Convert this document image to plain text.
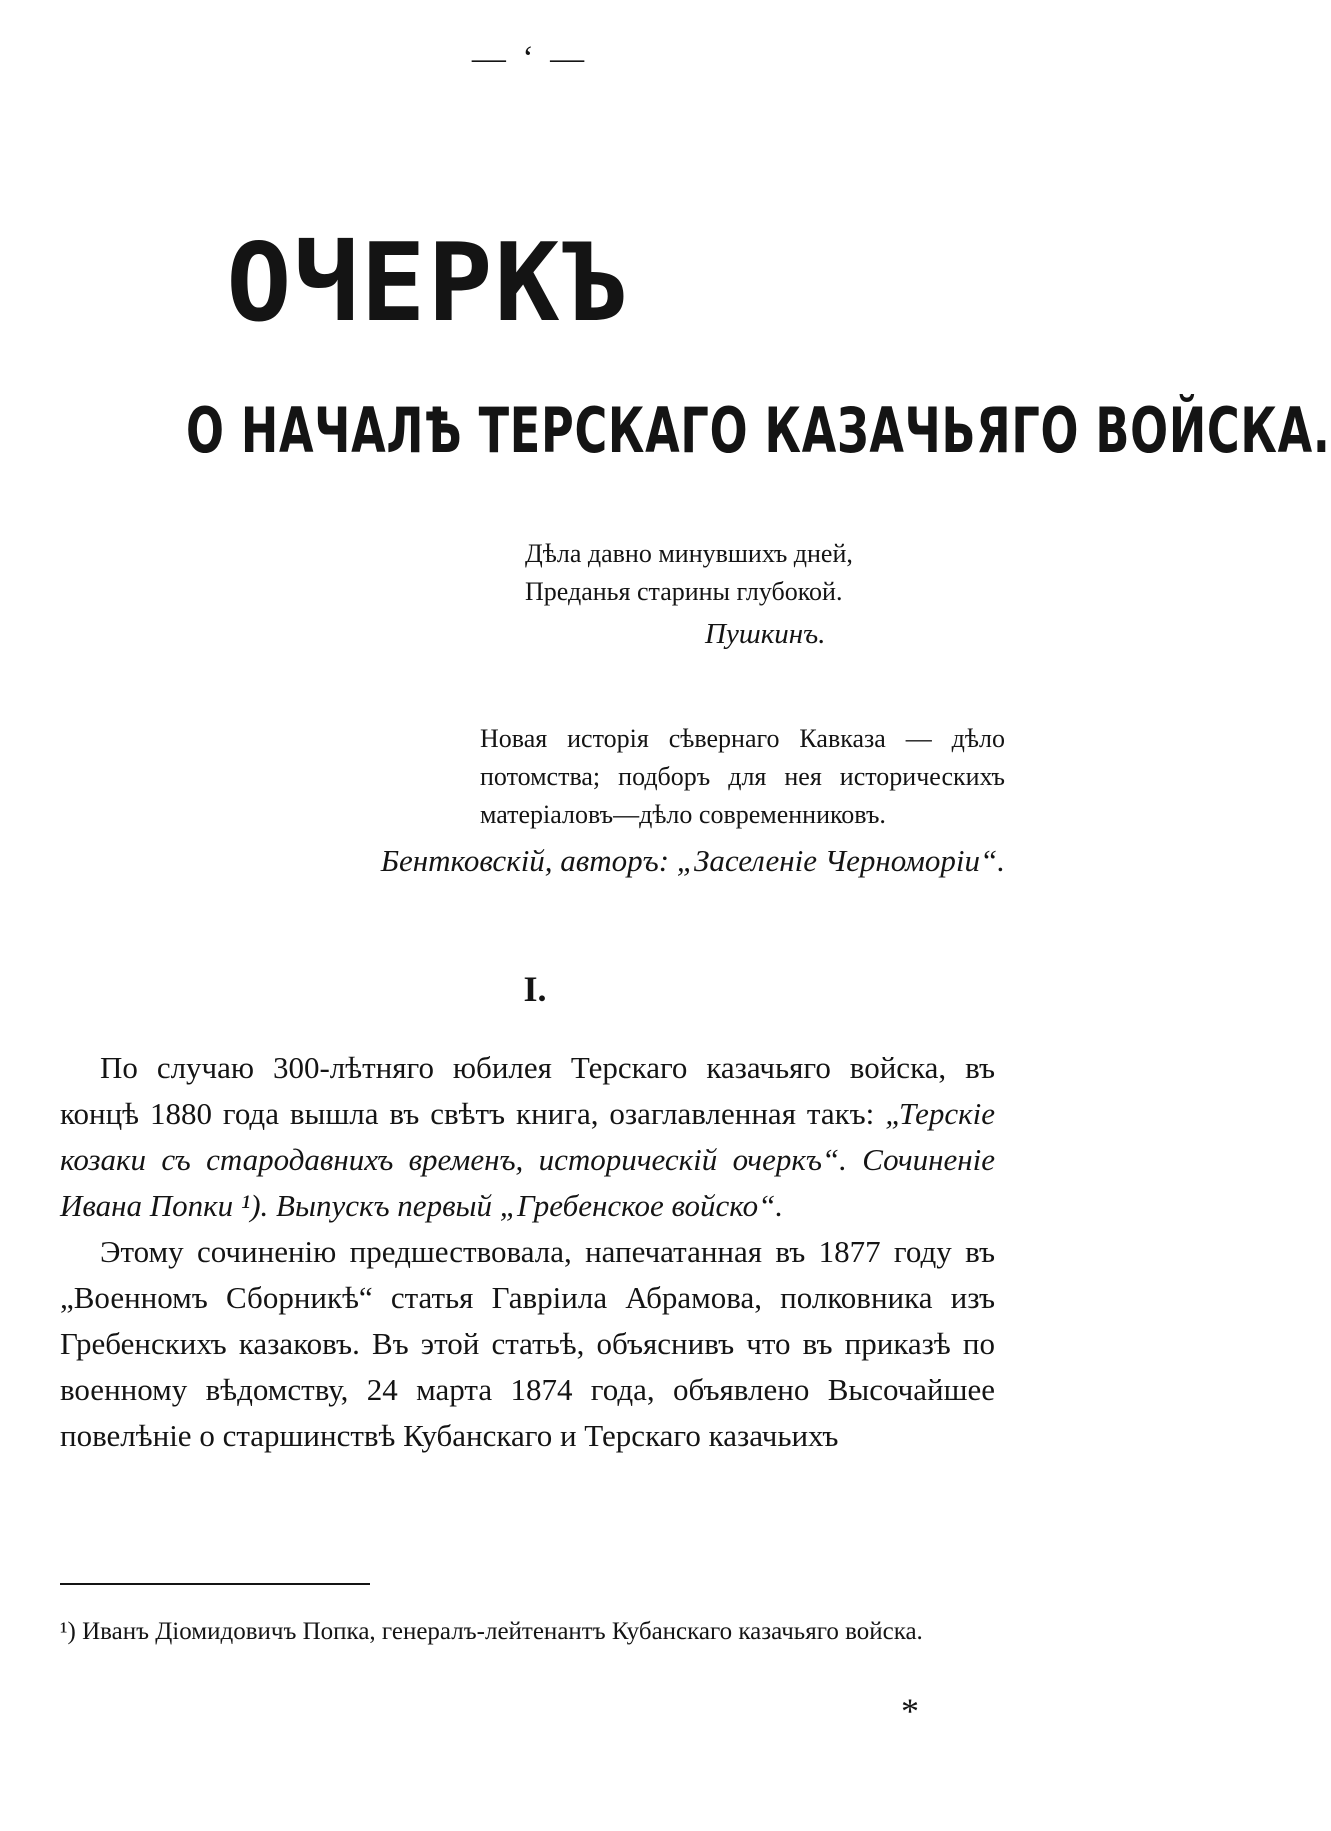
— ‘ —
ОЧЕРКЪ
О НАЧАЛѢ ТЕРСКАГО КАЗАЧЬЯГО ВОЙСКА.
Дѣла давно минувшихъ дней,
Преданья старины глубокой.
Пушкинъ.
Новая исторія сѣвернаго Кавказа — дѣло потомства; подборъ для нея историческихъ матеріаловъ—дѣло современниковъ.
Бентковскій, авторъ: „Заселеніе Черноморіи“.
I.

По случаю 300-лѣтняго юбилея Терскаго казачьяго войска, въ концѣ 1880 года вышла въ свѣтъ книга, озаглавленная такъ: „Терскіе козаки съ стародавнихъ временъ, историческій очеркъ“. Сочиненіе Ивана Попки ¹). Выпускъ первый „Гребенское войско“.

Этому сочиненію предшествовала, напечатанная въ 1877 году въ „Военномъ Сборникѣ“ статья Гавріила Абрамова, полковника изъ Гребенскихъ казаковъ. Въ этой статьѣ, объяснивъ что въ приказѣ по военному вѣдомству, 24 марта 1874 года, объявлено Высочайшее повелѣніе о старшинствѣ Кубанскаго и Терскаго казачьихъ

¹) Иванъ Діомидовичъ Попка, генералъ-лейтенантъ Кубанскаго казачьяго войска.
*
